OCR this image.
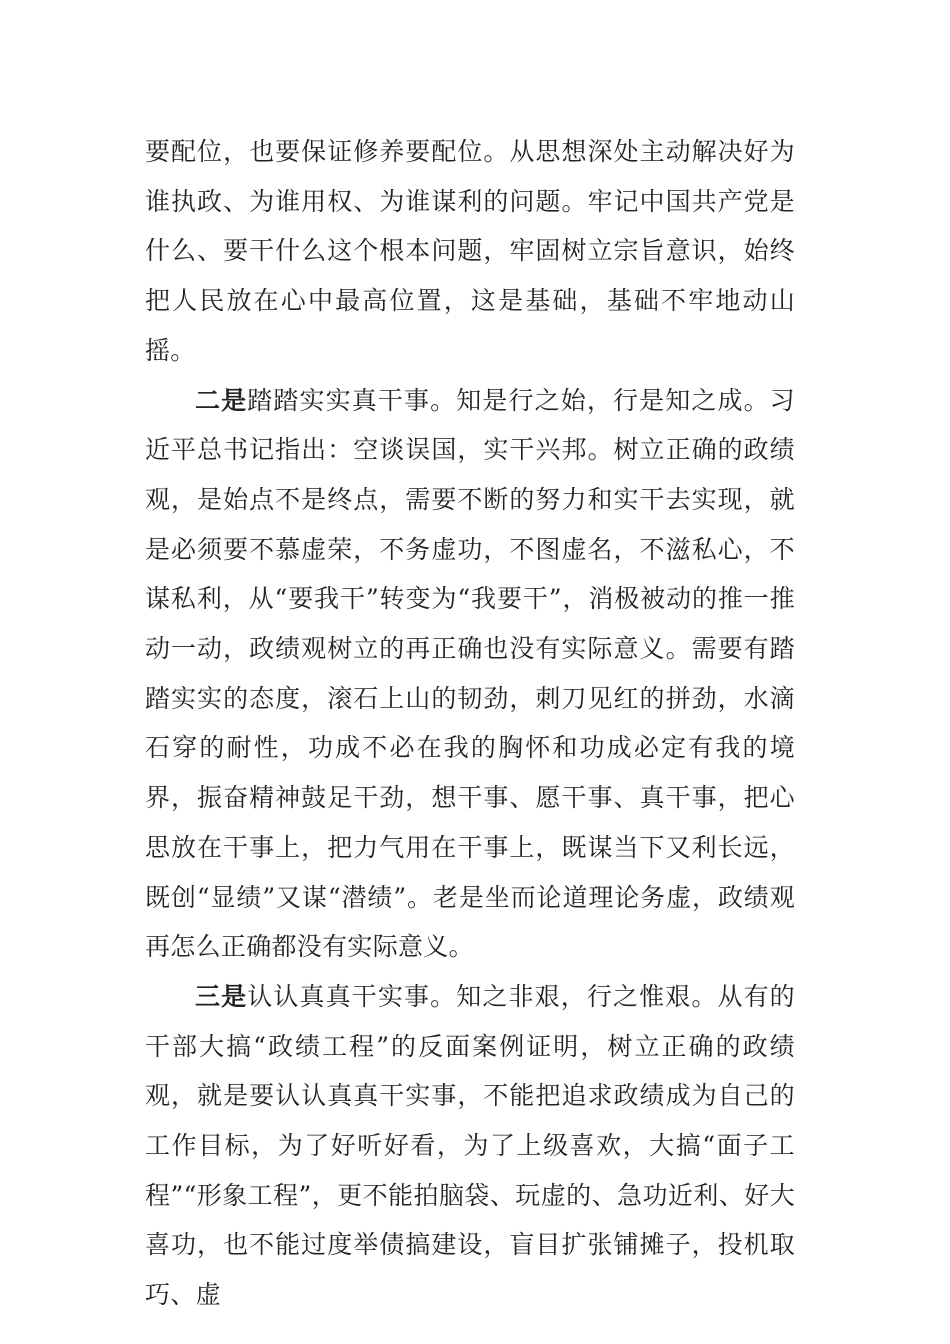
要配位，也要保证修养要配位。从思想深处主动解决好为谁执政、为谁用权、为谁谋利的问题。牢记中国共产党是什么、要干什么这个根本问题，牢固树立宗旨意识，始终把人民放在心中最高位置，这是基础，基础不牢地动山摇。

二是踏踏实实真干事。知是行之始，行是知之成。习近平总书记指出：空谈误国，实干兴邦。树立正确的政绩观，是始点不是终点，需要不断的努力和实干去实现，就是必须要不慕虚荣，不务虚功，不图虚名，不滋私心，不谋私利，从“要我干”转变为“我要干”，消极被动的推一推动一动，政绩观树立的再正确也没有实际意义。需要有踏踏实实的态度，滚石上山的韧劲，刺刀见红的拼劲，水滴石穿的耐性，功成不必在我的胸怀和功成必定有我的境界，振奋精神鼓足干劲，想干事、愿干事、真干事，把心思放在干事上，把力气用在干事上，既谋当下又利长远，既创“显绩”又谋“潜绩”。老是坐而论道理论务虚，政绩观再怎么正确都没有实际意义。

三是认认真真干实事。知之非艰，行之惟艰。从有的干部大搞“政绩工程”的反面案例证明，树立正确的政绩观，就是要认认真真干实事，不能把追求政绩成为自己的工作目标，为了好听好看，为了上级喜欢，大搞“面子工程”“形象工程”，更不能拍脑袋、玩虚的、急功近利、好大喜功，也不能过度举债搞建设，盲目扩张铺摊子，投机取巧、虚
